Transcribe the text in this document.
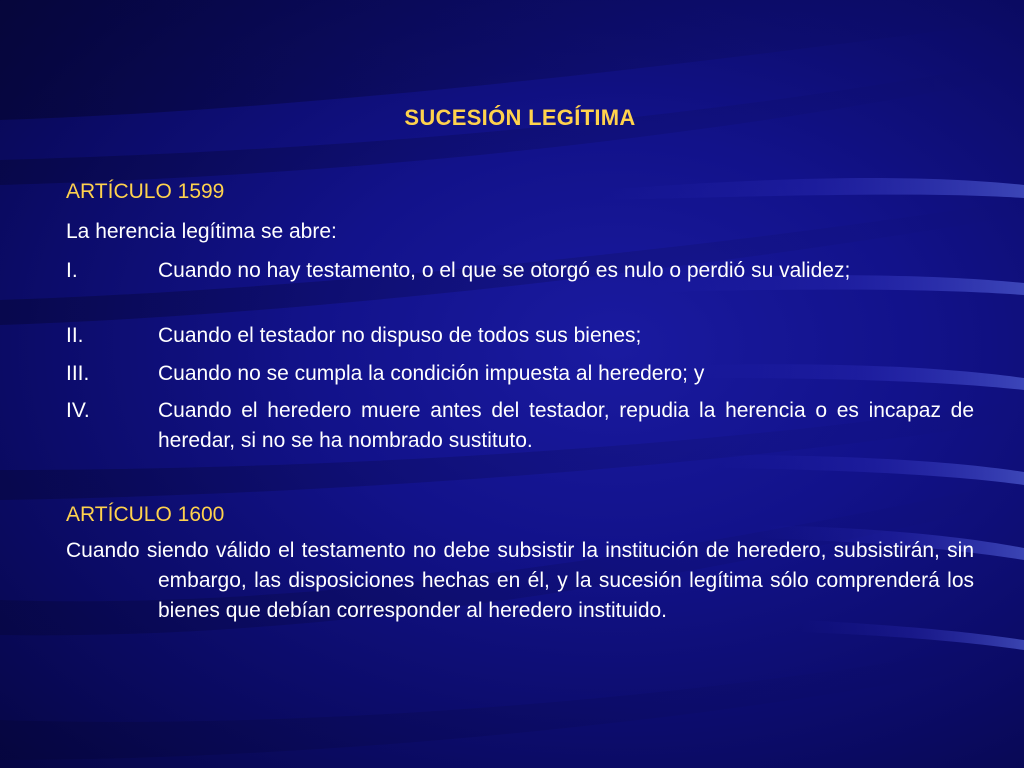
SUCESIÓN LEGÍTIMA
ARTÍCULO 1599
La herencia legítima se abre:
I.	Cuando no hay testamento, o el que se otorgó es nulo o perdió su validez;
II.	Cuando el testador no dispuso de todos sus bienes;
III.	Cuando no se cumpla la condición impuesta al heredero; y
IV.	Cuando el heredero muere antes del testador, repudia la herencia o es incapaz de heredar, si no se ha nombrado sustituto.
ARTÍCULO 1600
Cuando siendo válido el testamento no debe subsistir la institución de heredero, subsistirán, sin embargo, las disposiciones hechas en él, y la sucesión legítima sólo comprenderá los bienes que debían corresponder al heredero instituido.
